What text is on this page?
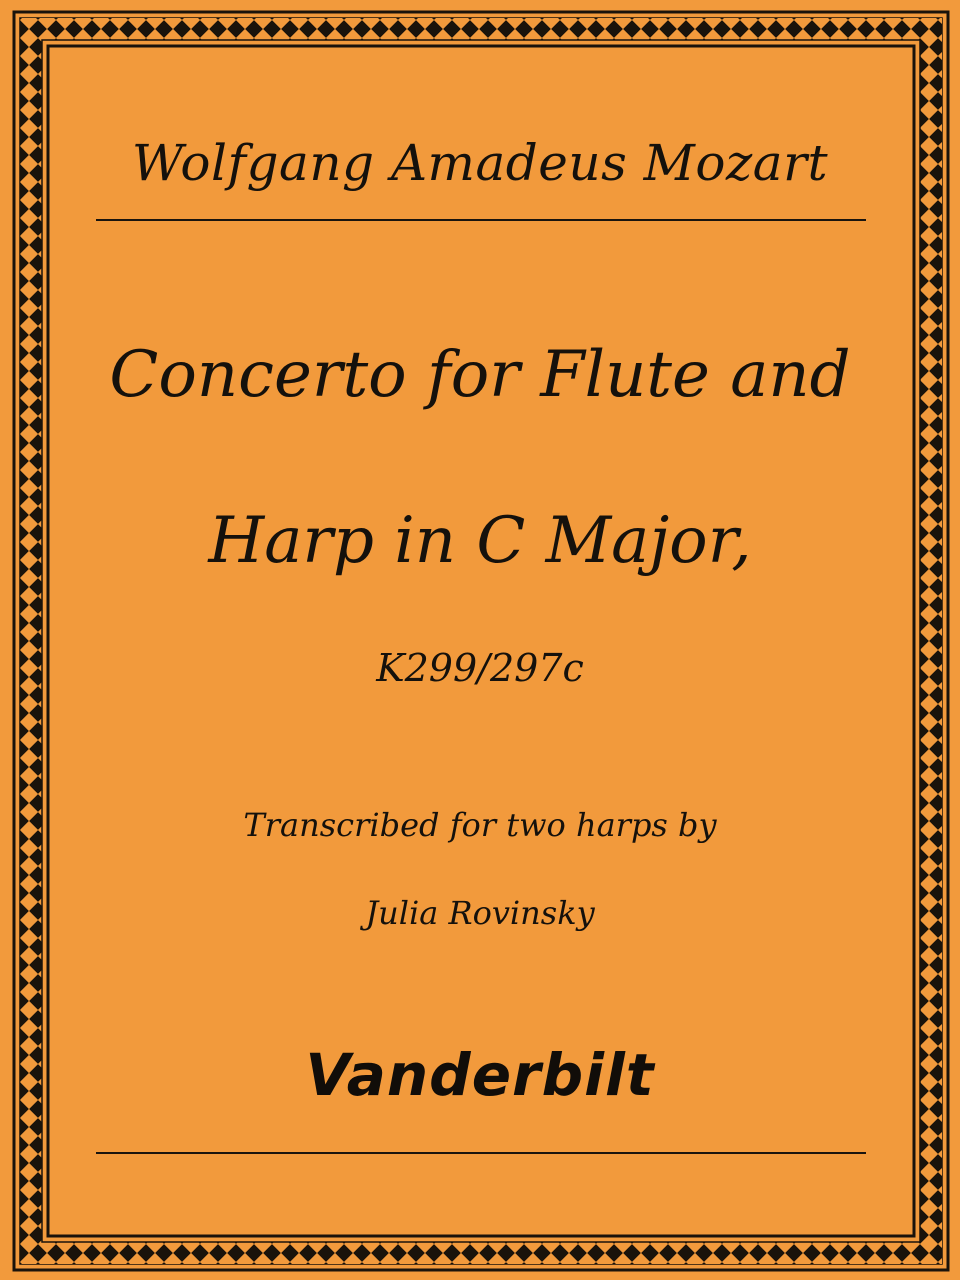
Wolfgang Amadeus Mozart
Concerto for Flute and
Harp in C Major,
K299/297c
Transcribed for two harps by
Julia Rovinsky
Vanderbilt
